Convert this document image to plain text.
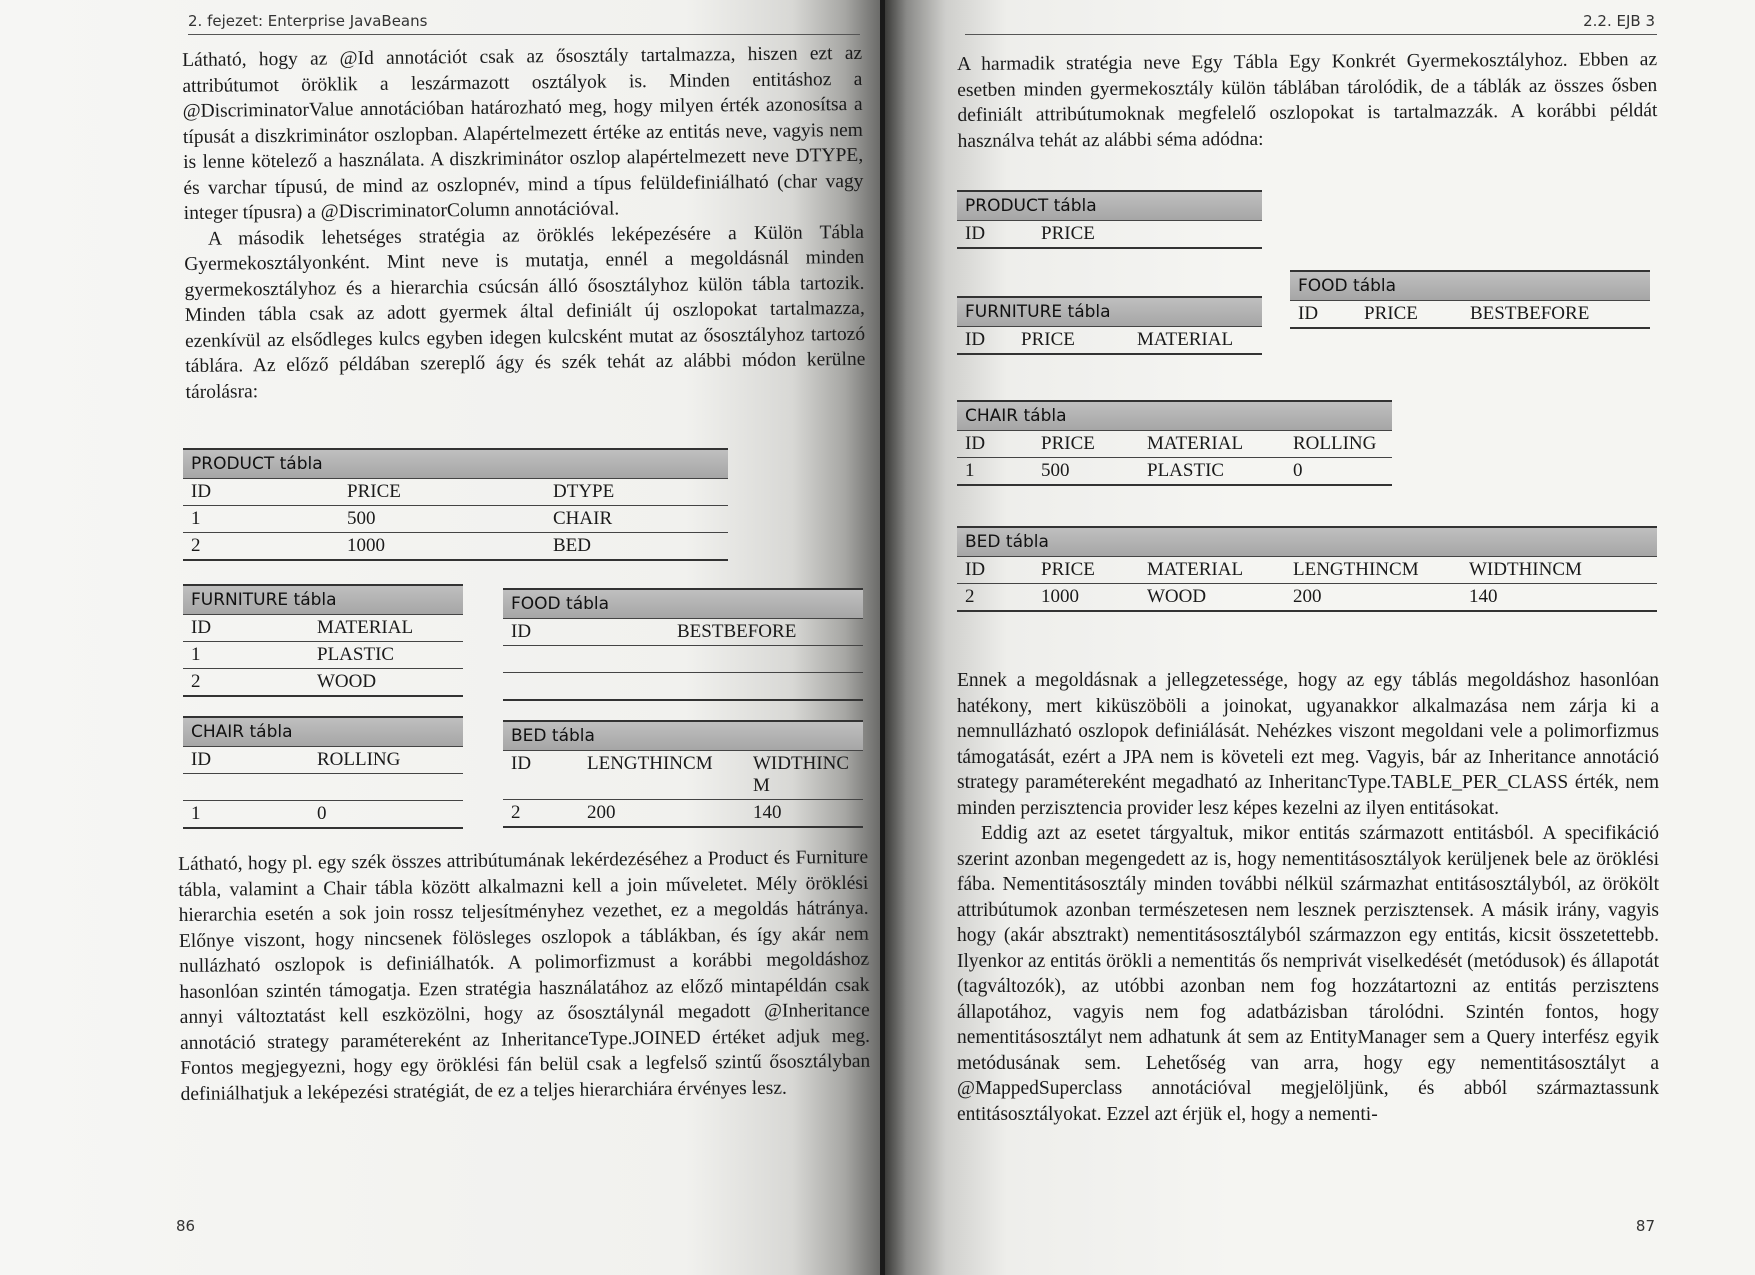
2. fejezet: Enterprise JavaBeans

Látható, hogy az @Id annotációt csak az ősosztály tartalmazza, hiszen ezt az attribútumot öröklik a leszármazott osztályok is. Minden entitáshoz a @DiscriminatorValue annotációban határozható meg, hogy milyen érték azonosítsa a típusát a diszkriminátor oszlopban. Alapértelmezett értéke az entitás neve, vagyis nem is lenne kötelező a használata. A diszkriminátor oszlop alapértelmezett neve DTYPE, és varchar típusú, de mind az oszlopnév, mind a típus felüldefiniálható (char vagy integer típusra) a @DiscriminatorColumn annotációval.

A második lehetséges stratégia az öröklés leképezésére a Külön Tábla Gyermekosztályonként. Mint neve is mutatja, ennél a megoldásnál minden gyermekosztályhoz és a hierarchia csúcsán álló ősosztályhoz külön tábla tartozik. Minden tábla csak az adott gyermek által definiált új oszlopokat tartalmazza, ezenkívül az elsődleges kulcs egyben idegen kulcsként mutat az ősosztályhoz tartozó táblára. Az előző példában szereplő ágy és szék tehát az alábbi módon kerülne tárolásra:

PRODUCT tábla		
ID	PRICE	DTYPE
1	500	CHAIR
2	1000	BED
FURNITURE tábla	
ID	MATERIAL
1	PLASTIC
2	WOOD
FOOD tábla	
ID	BESTBEFORE

CHAIR tábla	
ID	ROLLING

1	0
BED tábla		
ID	LENGTHINCM	WIDTHINC M
2	200	140

Látható, hogy pl. egy szék összes attribútumának lekérdezéséhez a Product és Furniture tábla, valamint a Chair tábla között alkalmazni kell a join műveletet. Mély öröklési hierarchia esetén a sok join rossz teljesítményhez vezethet, ez a megoldás hátránya. Előnye viszont, hogy nincsenek fölösleges oszlopok a táblákban, és így akár nem nullázható oszlopok is definiálhatók. A polimorfizmust a korábbi megoldáshoz hasonlóan szintén támogatja. Ezen stratégia használatához az előző mintapéldán csak annyi változtatást kell eszközölni, hogy az ősosztálynál megadott @Inheritance annotáció strategy paramétereként az InheritanceType.JOINED értéket adjuk meg. Fontos megjegyezni, hogy egy öröklési fán belül csak a legfelső szintű ősosztályban definiálhatjuk a leképezési stratégiát, de ez a teljes hierarchiára érvényes lesz.

86
2.2. EJB 3

A harmadik stratégia neve Egy Tábla Egy Konkrét Gyermekosztályhoz. Ebben az esetben minden gyermekosztály külön táblában tárolódik, de a táblák az összes ősben definiált attribútumoknak megfelelő oszlopokat is tartalmazzák. A korábbi példát használva tehát az alábbi séma adódna:

PRODUCT tábla
ID	PRICE
FURNITURE tábla
ID	PRICE	MATERIAL
FOOD tábla
ID	PRICE	BESTBEFORE
CHAIR tábla			
ID	PRICE	MATERIAL	ROLLING
1	500	PLASTIC	0
BED tábla				
ID	PRICE	MATERIAL	LENGTHINCM	WIDTHINCM
2	1000	WOOD	200	140

Ennek a megoldásnak a jellegzetessége, hogy az egy táblás megoldáshoz hasonlóan hatékony, mert kiküszöböli a joinokat, ugyanakkor alkalmazása nem zárja ki a nemnullázható oszlopok definiálását. Nehézkes viszont megoldani vele a polimorfizmus támogatását, ezért a JPA nem is követeli ezt meg. Vagyis, bár az Inheritance annotáció strategy paramétereként megadható az InheritancType.TABLE_PER_CLASS érték, nem minden perzisztencia provider lesz képes kezelni az ilyen entitásokat.

Eddig azt az esetet tárgyaltuk, mikor entitás származott entitásból. A specifikáció szerint azonban megengedett az is, hogy nementitásosztályok kerüljenek bele az öröklési fába. Nementitásosztály minden további nélkül származhat entitásosztályból, az örökölt attribútumok azonban természetesen nem lesznek perzisztensek. A másik irány, vagyis hogy (akár absztrakt) nementitásosztályból származzon egy entitás, kicsit összetettebb. Ilyenkor az entitás örökli a nementitás ős nemprivát viselkedését (metódusok) és állapotát (tagváltozók), az utóbbi azonban nem fog hozzátartozni az entitás perzisztens állapotához, vagyis nem fog adatbázisban tárolódni. Szintén fontos, hogy nementitásosztályt nem adhatunk át sem az EntityManager sem a Query interfész egyik metódusának sem. Lehetőség van arra, hogy egy nementitásosztályt a @MappedSuperclass annotációval megjelöljünk, és abból származtassunk entitásosztályokat. Ezzel azt érjük el, hogy a nementi-

87
